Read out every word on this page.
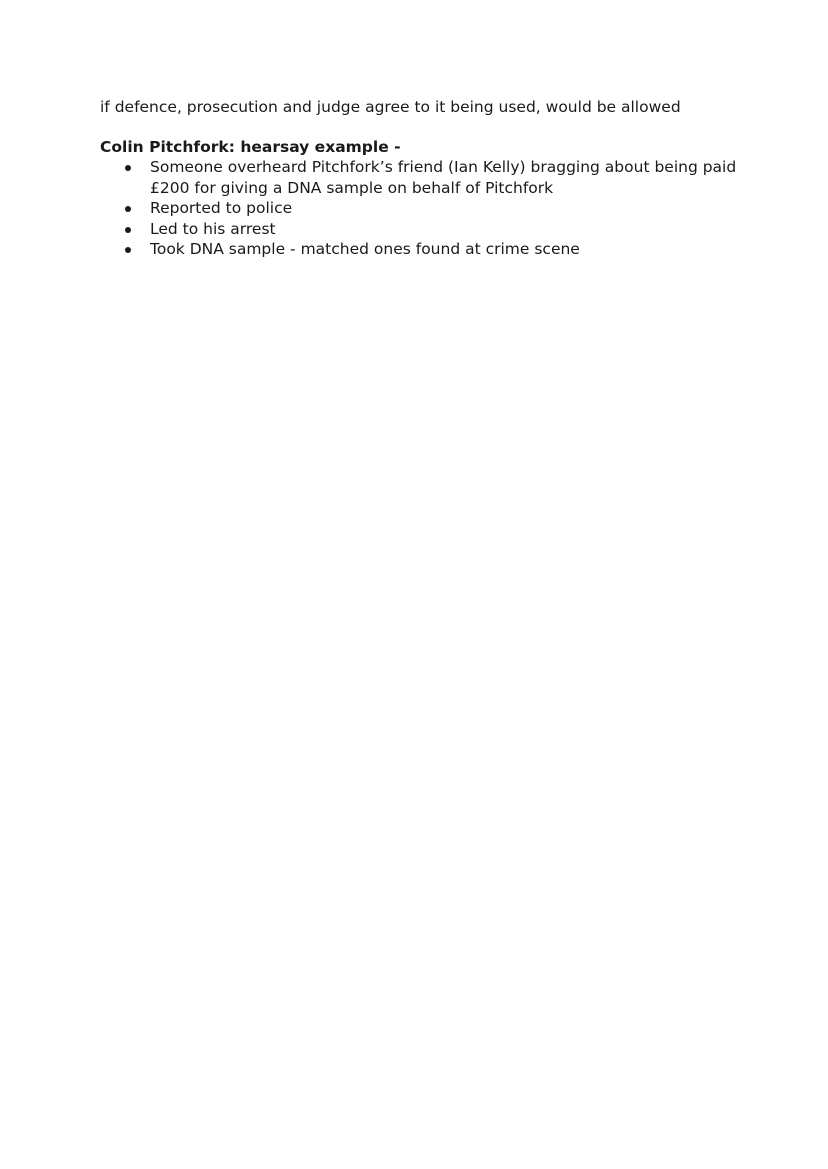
if defence, prosecution and judge agree to it being used, would be allowed

Colin Pitchfork: hearsay example -

Someone overheard Pitchfork’s friend (Ian Kelly) bragging about being paid £200 for giving a DNA sample on behalf of Pitchfork
Reported to police
Led to his arrest
Took DNA sample - matched ones found at crime scene
